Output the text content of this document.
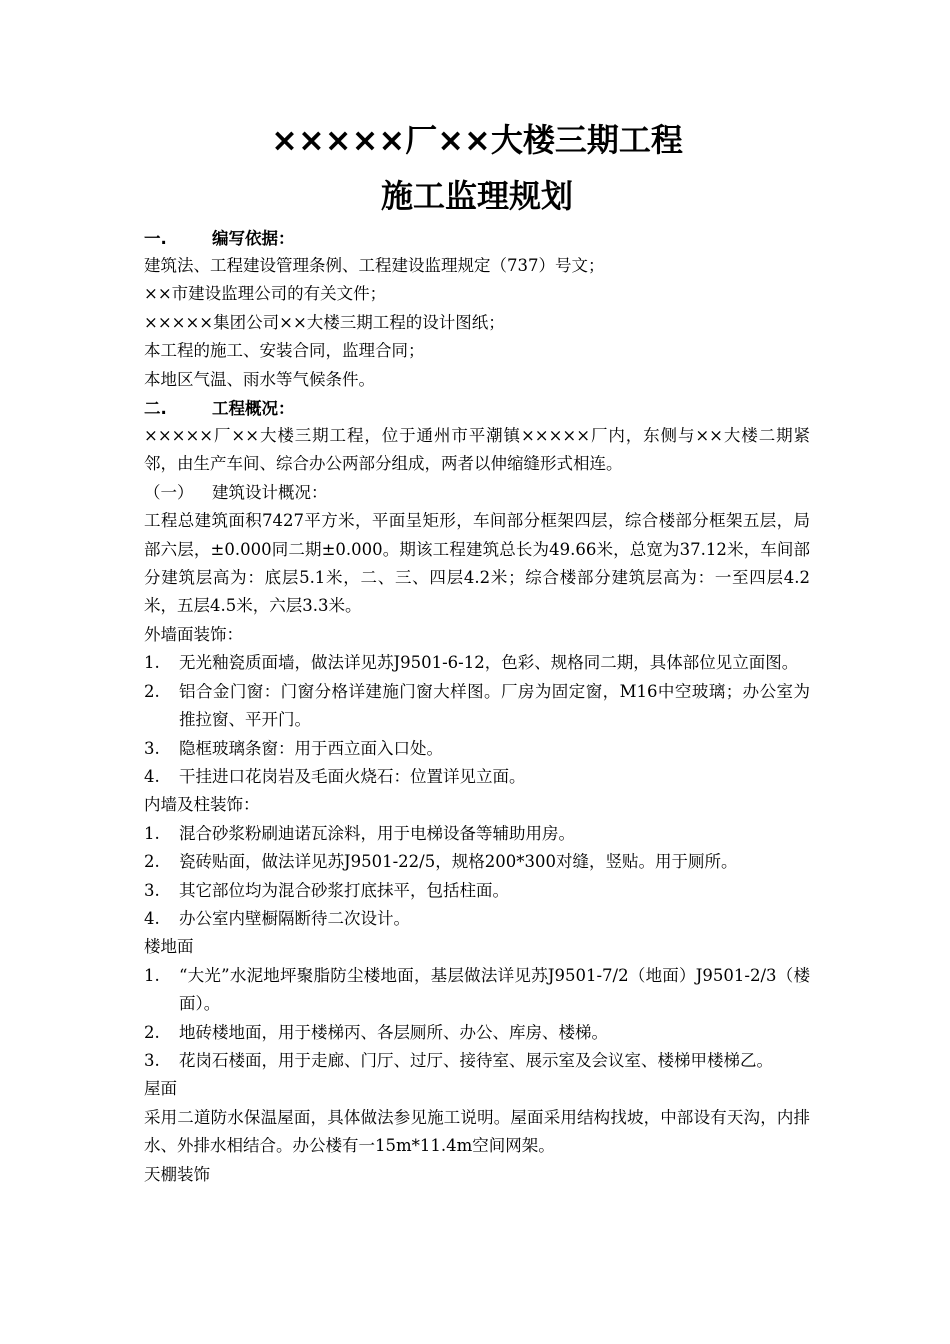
×××××厂××大楼三期工程
施工监理规划
一.	编写依据：

建筑法、工程建设管理条例、工程建设监理规定（737）号文；

××市建设监理公司的有关文件；

×××××集团公司××大楼三期工程的设计图纸；

本工程的施工、安装合同，监理合同；

本地区气温、雨水等气候条件。

二.	工程概况：

×××××厂××大楼三期工程，位于通州市平潮镇×××××厂内，东侧与××大楼二期紧邻，由生产车间、综合办公两部分组成，两者以伸缩缝形式相连。

（一）	建筑设计概况：

工程总建筑面积7427平方米，平面呈矩形，车间部分框架四层，综合楼部分框架五层，局部六层，±0.000同二期±0.000。期该工程建筑总长为49.66米，总宽为37.12米，车间部分建筑层高为：底层5.1米，二、三、四层4.2米；综合楼部分建筑层高为：一至四层4.2米，五层4.5米，六层3.3米。

外墙面装饰：

1.	无光釉瓷质面墙，做法详见苏J9501-6-12，色彩、规格同二期，具体部位见立面图。
2.	铝合金门窗：门窗分格详建施门窗大样图。厂房为固定窗，M16中空玻璃；办公室为推拉窗、平开门。
3.	隐框玻璃条窗：用于西立面入口处。
4.	干挂进口花岗岩及毛面火烧石：位置详见立面。

内墙及柱装饰：

1.	混合砂浆粉刷迪诺瓦涂料，用于电梯设备等辅助用房。
2.	瓷砖贴面，做法详见苏J9501-22/5，规格200*300对缝，竖贴。用于厕所。
3.	其它部位均为混合砂浆打底抹平，包括柱面。
4.	办公室内壁橱隔断待二次设计。

楼地面

1.	“大光”水泥地坪聚脂防尘楼地面，基层做法详见苏J9501-7/2（地面）J9501-2/3（楼面）。
2.	地砖楼地面，用于楼梯丙、各层厕所、办公、库房、楼梯。
3.	花岗石楼面，用于走廊、门厅、过厅、接待室、展示室及会议室、楼梯甲楼梯乙。

屋面

采用二道防水保温屋面，具体做法参见施工说明。屋面采用结构找坡，中部设有天沟，内排水、外排水相结合。办公楼有一15m*11.4m空间网架。

天棚装饰
